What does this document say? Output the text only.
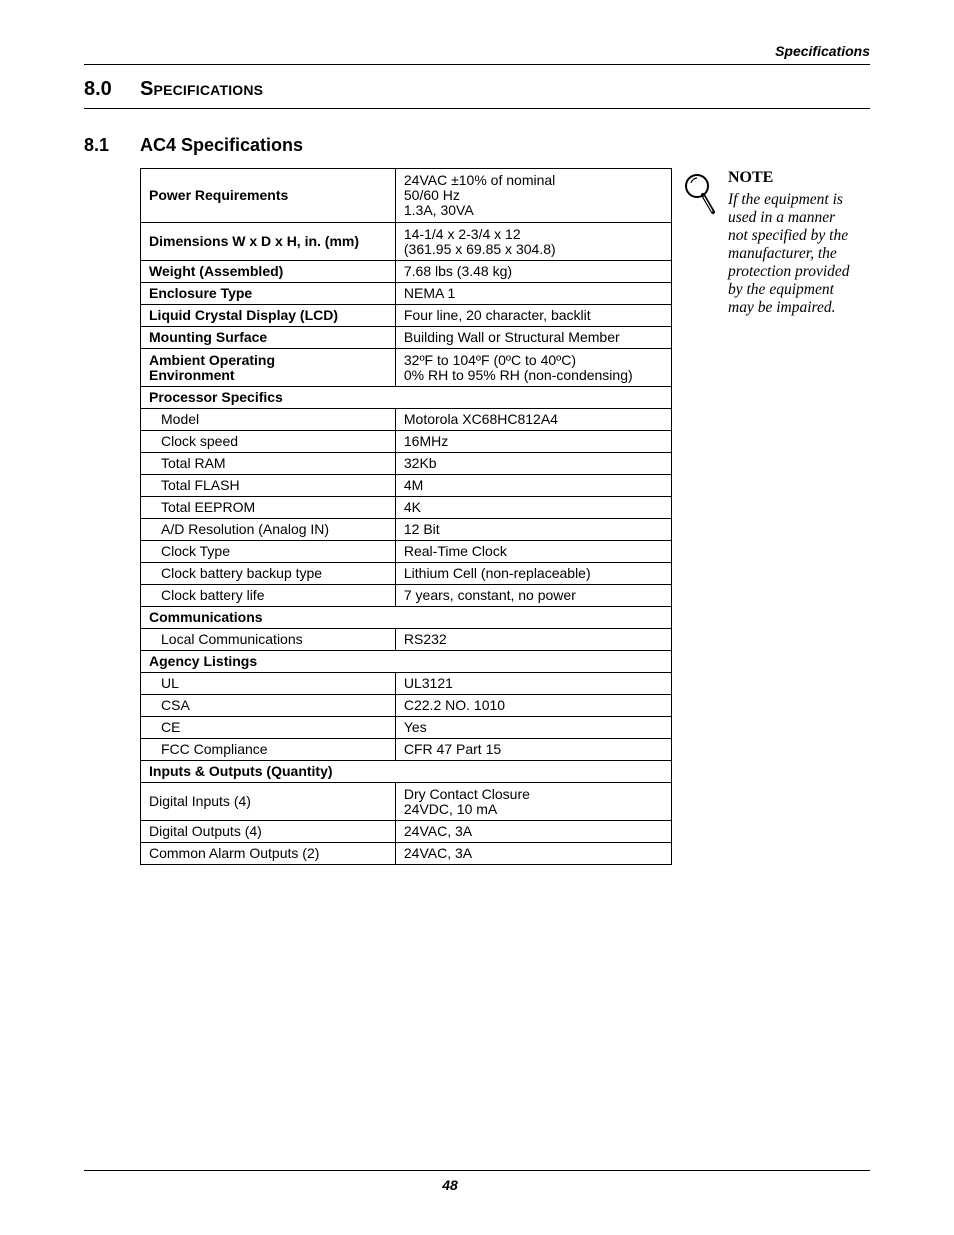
Specifications
8.0	Specifications
8.1	AC4 Specifications
Power Requirements	24VAC ±10% of nominal
50/60 Hz
1.3A, 30VA

Dimensions W x D x H, in. (mm)	14-1/4 x 2-3/4 x 12
(361.95 x 69.85 x 304.8)

Weight (Assembled)	7.68 lbs (3.48 kg)
Enclosure Type	NEMA 1
Liquid Crystal Display (LCD)	Four line, 20 character, backlit
Mounting Surface	Building Wall or Structural Member

Ambient Operating
Environment	32ºF to 104ºF (0ºC to 40ºC)
0% RH to 95% RH (non-condensing)

Processor Specifics	
Model	Motorola XC68HC812A4
Clock speed	16MHz
Total RAM	32Kb
Total FLASH	4M
Total EEPROM	4K
A/D Resolution (Analog IN)	12 Bit
Clock Type	Real-Time Clock
Clock battery backup type	Lithium Cell (non-replaceable)
Clock battery life	7 years, constant, no power
Communications	
Local Communications	RS232
Agency Listings	
UL	UL3121
CSA	C22.2 NO. 1010
CE	Yes
FCC Compliance	CFR 47 Part 15
Inputs & Outputs (Quantity)	
Digital Inputs (4)	Dry Contact Closure
24VDC, 10 mA

Digital Outputs (4)	24VAC, 3A
Common Alarm Outputs (2)	24VAC, 3A
NOTE
If the equipment is
used in a manner
not specified by the
manufacturer, the
protection provided
by the equipment
may be impaired.
48
